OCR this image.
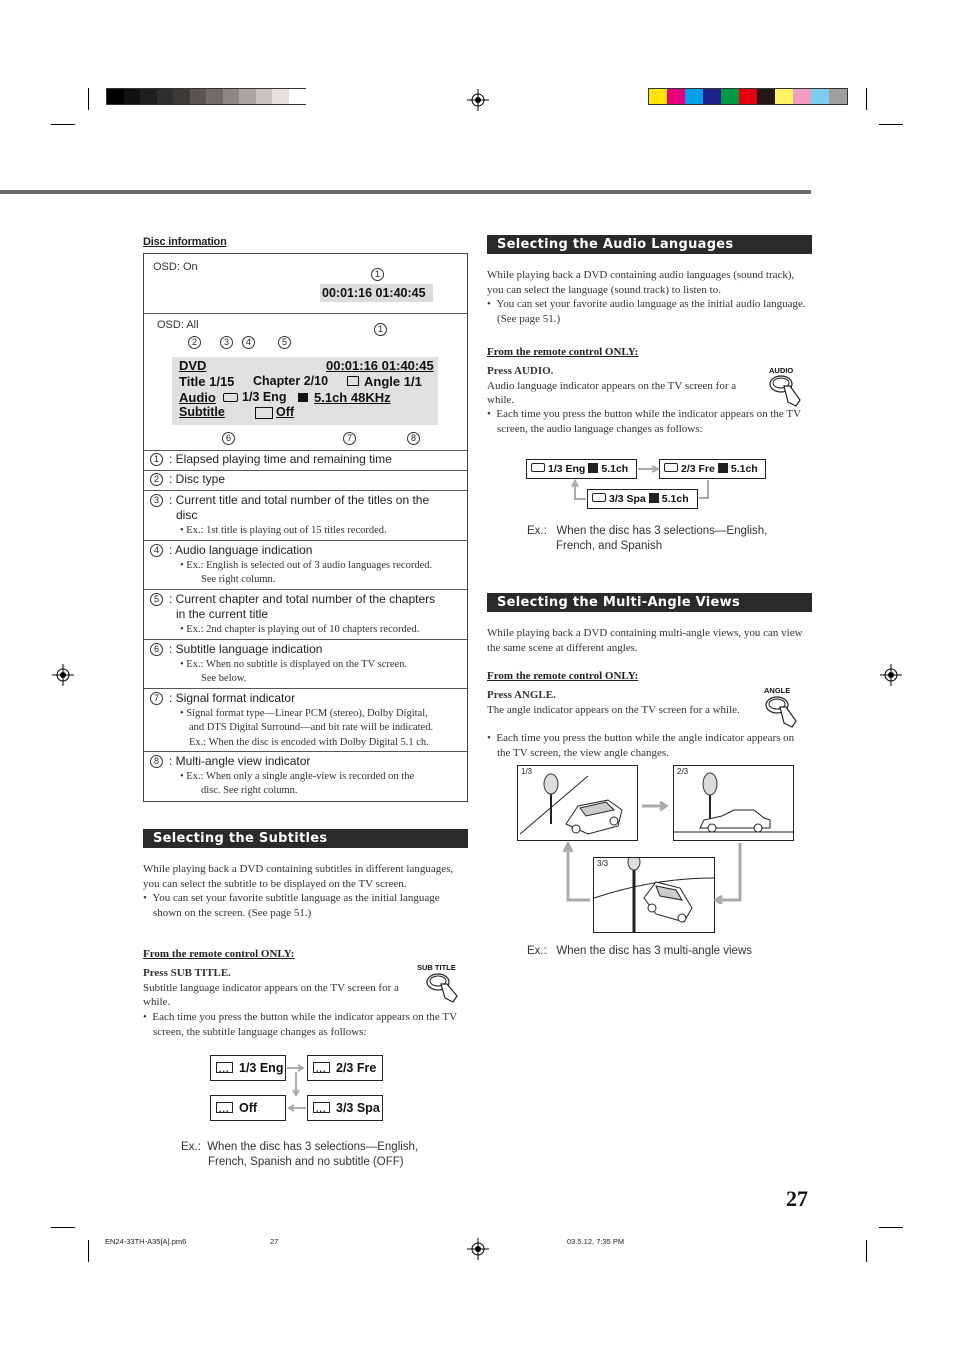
Disc information
OSD: On
1
00:01:16 01:40:45
OSD: All
2	3	4	5
1
DVD	00:01:16 01:40:45
Title 1/15 Chapter 2/10	Angle 1/1
Audio 1/3 Eng 5.1ch 48KHz
Subtitle	Off
6	7	8
1 : Elapsed playing time and remaining time
2 : Disc type
3 : Current title and total number of the titles on the
disc
• Ex.: 1st title is playing out of 15 titles recorded.
4 : Audio language indication
• Ex.: English is selected out of 3 audio languages recorded.
See right column.
5 : Current chapter and total number of the chapters
in the current title
• Ex.: 2nd chapter is playing out of 10 chapters recorded.
6 : Subtitle language indication
• Ex.: When no subtitle is displayed on the TV screen.
See below.
7 : Signal format indicator
• Signal format type—Linear PCM (stereo), Dolby Digital,
and DTS Digital Surround—and bit rate will be indicated.
Ex.: When the disc is encoded with Dolby Digital 5.1 ch.
8 : Multi-angle view indicator
• Ex.: When only a single angle-view is recorded on the
disc. See right column.
Selecting the Subtitles

While playing back a DVD containing subtitles in different languages, you can select the subtitle to be displayed on the TV screen.

•  You can set your favorite subtitle language as the initial language shown on the screen. (See page 51.)

From the remote control ONLY:

Press SUB TITLE.

Subtitle language indicator appears on the TV screen for a while.

•  Each time you press the button while the indicator appears on the TV screen, the subtitle language changes as follows:

SUB TITLE
...1/3 Eng ...	2/3 Fre
...Off ...	3/3 Spa
Ex.: When the disc has 3 selections—English,
French, Spanish and no subtitle (OFF)
Selecting the Audio Languages

While playing back a DVD containing audio languages (sound track), you can select the language (sound track) to listen to.

•  You can set your favorite audio language as the initial audio language. (See page 51.)

From the remote control ONLY:

Press AUDIO.

Audio language indicator appears on the TV screen for a while.

•  Each time you press the button while the indicator appears on the TV screen, the audio language changes as follows:

AUDIO
1/3 Eng 5.1ch	2/3 Fre 5.1ch
3/3 Spa 5.1ch
Ex.: When the disc has 3 selections—English,
French, and Spanish
Selecting the Multi-Angle Views

While playing back a DVD containing multi-angle views, you can view the same scene at different angles.

From the remote control ONLY:

Press ANGLE.

The angle indicator appears on the TV screen for a while.

•  Each time you press the button while the angle indicator appears on the TV screen, the view angle changes.

ANGLE
1/3	2/3
3/3
Ex.: When the disc has 3 multi-angle views
27
EN24-33TH-A35[A].pm6	27	03.5.12, 7:35 PM
